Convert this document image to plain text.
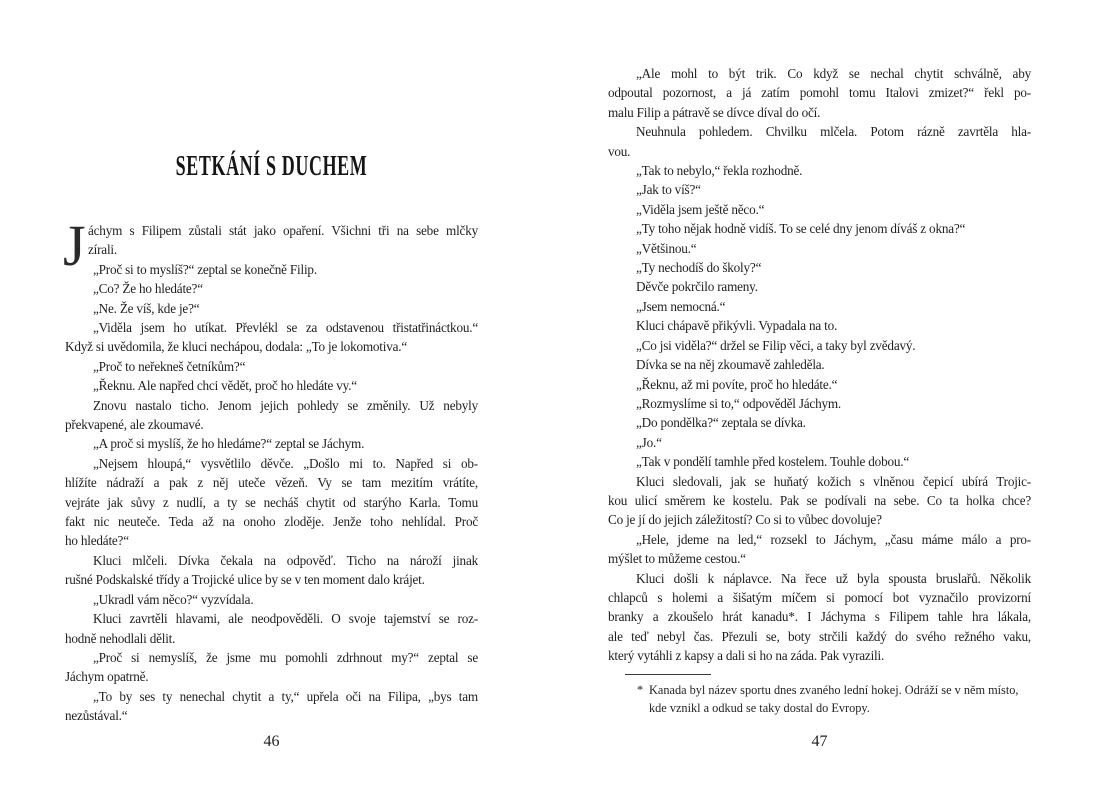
SETKÁNÍ S DUCHEM
J áchym s Filipem zůstali stát jako opaření. Všichni tři na sebe mlčky
zírali.
„Proč si to myslíš?“ zeptal se konečně Filip.
„Co? Že ho hledáte?“
„Ne. Že víš, kde je?“
„Viděla jsem ho utíkat. Převlékl se za odstavenou třistatřináctkou.“
Když si uvědomila, že kluci nechápou, dodala: „To je lokomotiva.“
„Proč to neřekneš četníkům?“
„Řeknu. Ale napřed chci vědět, proč ho hledáte vy.“
Znovu nastalo ticho. Jenom jejich pohledy se změnily. Už nebyly
překvapené, ale zkoumavé.
„A proč si myslíš, že ho hledáme?“ zeptal se Jáchym.
„Nejsem hloupá,“ vysvětlilo děvče. „Došlo mi to. Napřed si ob-
hlížíte nádraží a pak z něj uteče vězeň. Vy se tam mezitím vrátíte,
vejráte jak sůvy z nudlí, a ty se necháš chytit od starýho Karla. Tomu
fakt nic neuteče. Teda až na onoho zloděje. Jenže toho nehlídal. Proč
ho hledáte?“
Kluci mlčeli. Dívka čekala na odpověď. Ticho na nároží jinak
rušné Podskalské třídy a Trojické ulice by se v ten moment dalo krájet.
„Ukradl vám něco?“ vyzvídala.
Kluci zavrtěli hlavami, ale neodpověděli. O svoje tajemství se roz-
hodně nehodlali dělit.
„Proč si nemyslíš, že jsme mu pomohli zdrhnout my?“ zeptal se
Jáchym opatrně.
„To by ses ty nenechal chytit a ty,“ upřela oči na Filipa, „bys tam
nezůstával.“
46
„Ale mohl to být trik. Co když se nechal chytit schválně, aby
odpoutal pozornost, a já zatím pomohl tomu Italovi zmizet?“ řekl po-
malu Filip a pátravě se dívce díval do očí.
Neuhnula pohledem. Chvilku mlčela. Potom rázně zavrtěla hla-
vou.
„Tak to nebylo,“ řekla rozhodně.
„Jak to víš?“
„Viděla jsem ještě něco.“
„Ty toho nějak hodně vidíš. To se celé dny jenom díváš z okna?“
„Většinou.“
„Ty nechodíš do školy?“
Děvče pokrčilo rameny.
„Jsem nemocná.“
Kluci chápavě přikývli. Vypadala na to.
„Co jsi viděla?“ držel se Filip věci, a taky byl zvědavý.
Dívka se na něj zkoumavě zahleděla.
„Řeknu, až mi povíte, proč ho hledáte.“
„Rozmyslíme si to,“ odpověděl Jáchym.
„Do pondělka?“ zeptala se dívka.
„Jo.“
„Tak v pondělí tamhle před kostelem. Touhle dobou.“
Kluci sledovali, jak se huňatý kožich s vlněnou čepicí ubírá Trojic-
kou ulicí směrem ke kostelu. Pak se podívali na sebe. Co ta holka chce?
Co je jí do jejich záležitostí? Co si to vůbec dovoluje?
„Hele, jdeme na led,“ rozsekl to Jáchym, „času máme málo a pro-
mýšlet to můžeme cestou.“
Kluci došli k náplavce. Na řece už byla spousta bruslařů. Několik
chlapců s holemi a šišatým míčem si pomocí bot vyznačilo provizorní
branky a zkoušelo hrát kanadu*. I Jáchyma s Filipem tahle hra lákala,
ale teď nebyl čas. Přezuli se, boty strčili každý do svého režného vaku,
který vytáhli z kapsy a dali si ho na záda. Pak vyrazili.
* Kanada byl název sportu dnes zvaného lední hokej. Odráží se v něm místo,
kde vznikl a odkud se taky dostal do Evropy.
47
